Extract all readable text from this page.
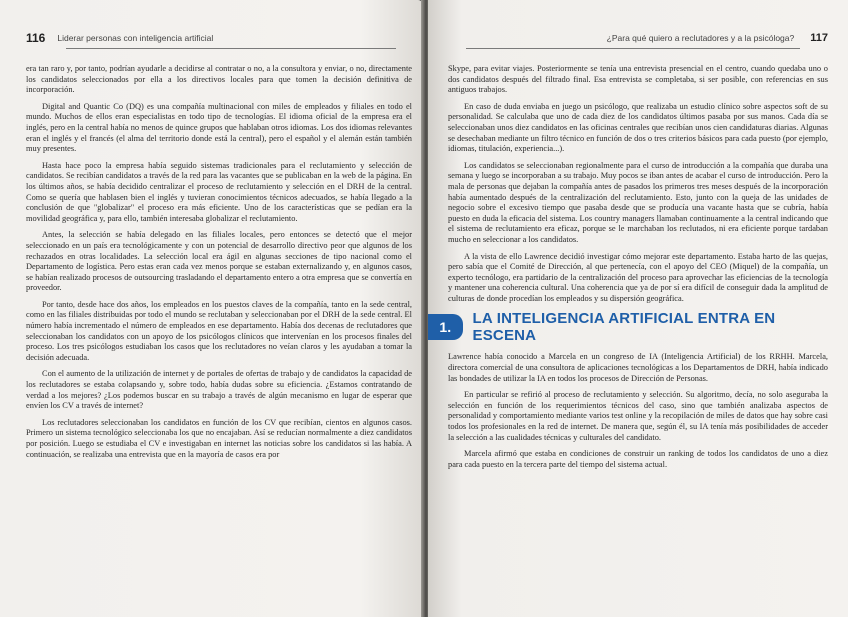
116 Liderar personas con inteligencia artificial

era tan raro y, por tanto, podrían ayudarle a decidirse al contratar o no, a la consultora y enviar, o no, directamente los candidatos seleccionados por ella a los directivos locales para que tomen la decisión definitiva de incorporación.

Digital and Quantic Co (DQ) es una compañía multinacional con miles de empleados y filiales en todo el mundo. Muchos de ellos eran especialistas en todo tipo de tecnologías. El idioma oficial de la empresa era el inglés, pero en la central había no menos de quince grupos que hablaban otros idiomas. Los dos idiomas relevantes eran el inglés y el francés (el alma del territorio donde está la central), pero el español y el alemán están también muy presentes.

Hasta hace poco la empresa había seguido sistemas tradicionales para el reclutamiento y selección de candidatos. Se recibían candidatos a través de la red para las vacantes que se publicaban en la web de la página. En los últimos años, se había decidido centralizar el proceso de reclutamiento y selección en el DRH de la central. Como se quería que hablasen bien el inglés y tuvieran conocimientos técnicos adecuados, se había llegado a la conclusión de que "globalizar" el proceso era más eficiente. Uno de los características que se pedían era la movilidad geográfica y, para ello, también interesaba globalizar el reclutamiento.

Antes, la selección se había delegado en las filiales locales, pero entonces se detectó que el mejor seleccionado en un país era tecnológicamente y con un potencial de desarrollo directivo peor que algunos de los rechazados en otras localidades. La selección local era ágil en algunas secciones de tipo nacional como el Departamento de logística. Pero estas eran cada vez menos porque se estaban externalizando y, en algunos casos, se habían realizado procesos de outsourcing trasladando el departamento entero a otra empresa que se convertía en proveedor.

Por tanto, desde hace dos años, los empleados en los puestos claves de la compañía, tanto en la sede central, como en las filiales distribuidas por todo el mundo se reclutaban y seleccionaban por el DRH de la sede central. El número había incrementado el número de empleados en ese departamento. Había dos decenas de reclutadores que seleccionaban los candidatos con un apoyo de los psicólogos clínicos que intervenían en los procesos finales del proceso. Los tres psicólogos estudiaban los casos que los reclutadores no veían claros y les ayudaban a tomar la decisión adecuada.

Con el aumento de la utilización de internet y de portales de ofertas de trabajo y de candidatos la capacidad de los reclutadores se estaba colapsando y, sobre todo, había dudas sobre su eficiencia. ¿Estamos contratando de verdad a los mejores? ¿Los podemos buscar en su trabajo a través de algún mecanismo en lugar de esperar que envíen los CV a través de internet?

Los reclutadores seleccionaban los candidatos en función de los CV que recibían, cientos en algunos casos. Primero un sistema tecnológico seleccionaba los que no encajaban. Así se reducían normalmente a diez candidatos por posición. Luego se estudiaba el CV e investigaban en internet las noticias sobre los candidatos si las había. A continuación, se realizaba una entrevista que en la mayoría de casos era por

¿Para qué quiero a reclutadores y a la psicóloga? 117

Skype, para evitar viajes. Posteriormente se tenía una entrevista presencial en el centro, cuando quedaba uno o dos candidatos después del filtrado final. Esa entrevista se completaba, si ser posible, con referencias en sus antiguos trabajos.

En caso de duda enviaba en juego un psicólogo, que realizaba un estudio clínico sobre aspectos soft de su personalidad. Se calculaba que uno de cada diez de los candidatos últimos pasaba por sus manos. Cada día se seleccionaban unos diez candidatos en las oficinas centrales que recibían unos cien candidaturas diarias. Algunas se desechaban mediante un filtro técnico en función de dos o tres criterios básicos para cada puesto (por ejemplo, idiomas, titulación, experiencia...).

Los candidatos se seleccionaban regionalmente para el curso de introducción a la compañía que duraba una semana y luego se incorporaban a su trabajo. Muy pocos se iban antes de acabar el curso de introducción. Pero la mala de personas que dejaban la compañía antes de pasados los primeros tres meses después de la incorporación había aumentado después de la centralización del reclutamiento. Esto, junto con la queja de las unidades de negocio sobre el excesivo tiempo que pasaba desde que se producía una vacante hasta que se cubría, había puesto en duda la eficacia del sistema. Los country managers llamaban continuamente a la central indicando que el sistema de reclutamiento era eficaz, porque se le marchaban los reclutados, ni era eficiente porque tardaban mucho en seleccionar a los candidatos.

A la vista de ello Lawrence decidió investigar cómo mejorar este departamento. Estaba harto de las quejas, pero sabía que el Comité de Dirección, al que pertenecía, con el apoyo del CEO (Miquel) de la compañía, un experto tecnólogo, era partidario de la centralización del proceso para aprovechar las eficiencias de la tecnología y mantener una coherencia cultural. Una coherencia que ya de por sí era difícil de conseguir dada la amplitud de culturas de donde procedían los empleados y su dispersión geográfica.

1.	LA INTELIGENCIA ARTIFICIAL ENTRA EN ESCENA

Lawrence había conocido a Marcela en un congreso de IA (Inteligencia Artificial) de los RRHH. Marcela, directora comercial de una consultora de aplicaciones tecnológicas a los Departamentos de DRH, había indicado las bondades de utilizar la IA en todos los procesos de Dirección de Personas.

En particular se refirió al proceso de reclutamiento y selección. Su algoritmo, decía, no solo aseguraba la selección en función de los requerimientos técnicos del caso, sino que también analizaba aspectos de personalidad y comportamiento mediante varios test online y la recopilación de miles de datos que hay sobre casi todos los profesionales en la red de internet. De manera que, según él, su IA tenía más posibilidades de acceder la selección a las cualidades técnicas y culturales del candidato.

Marcela afirmó que estaba en condiciones de construir un ranking de todos los candidatos de uno a diez para cada puesto en la tercera parte del tiempo del sistema actual.
